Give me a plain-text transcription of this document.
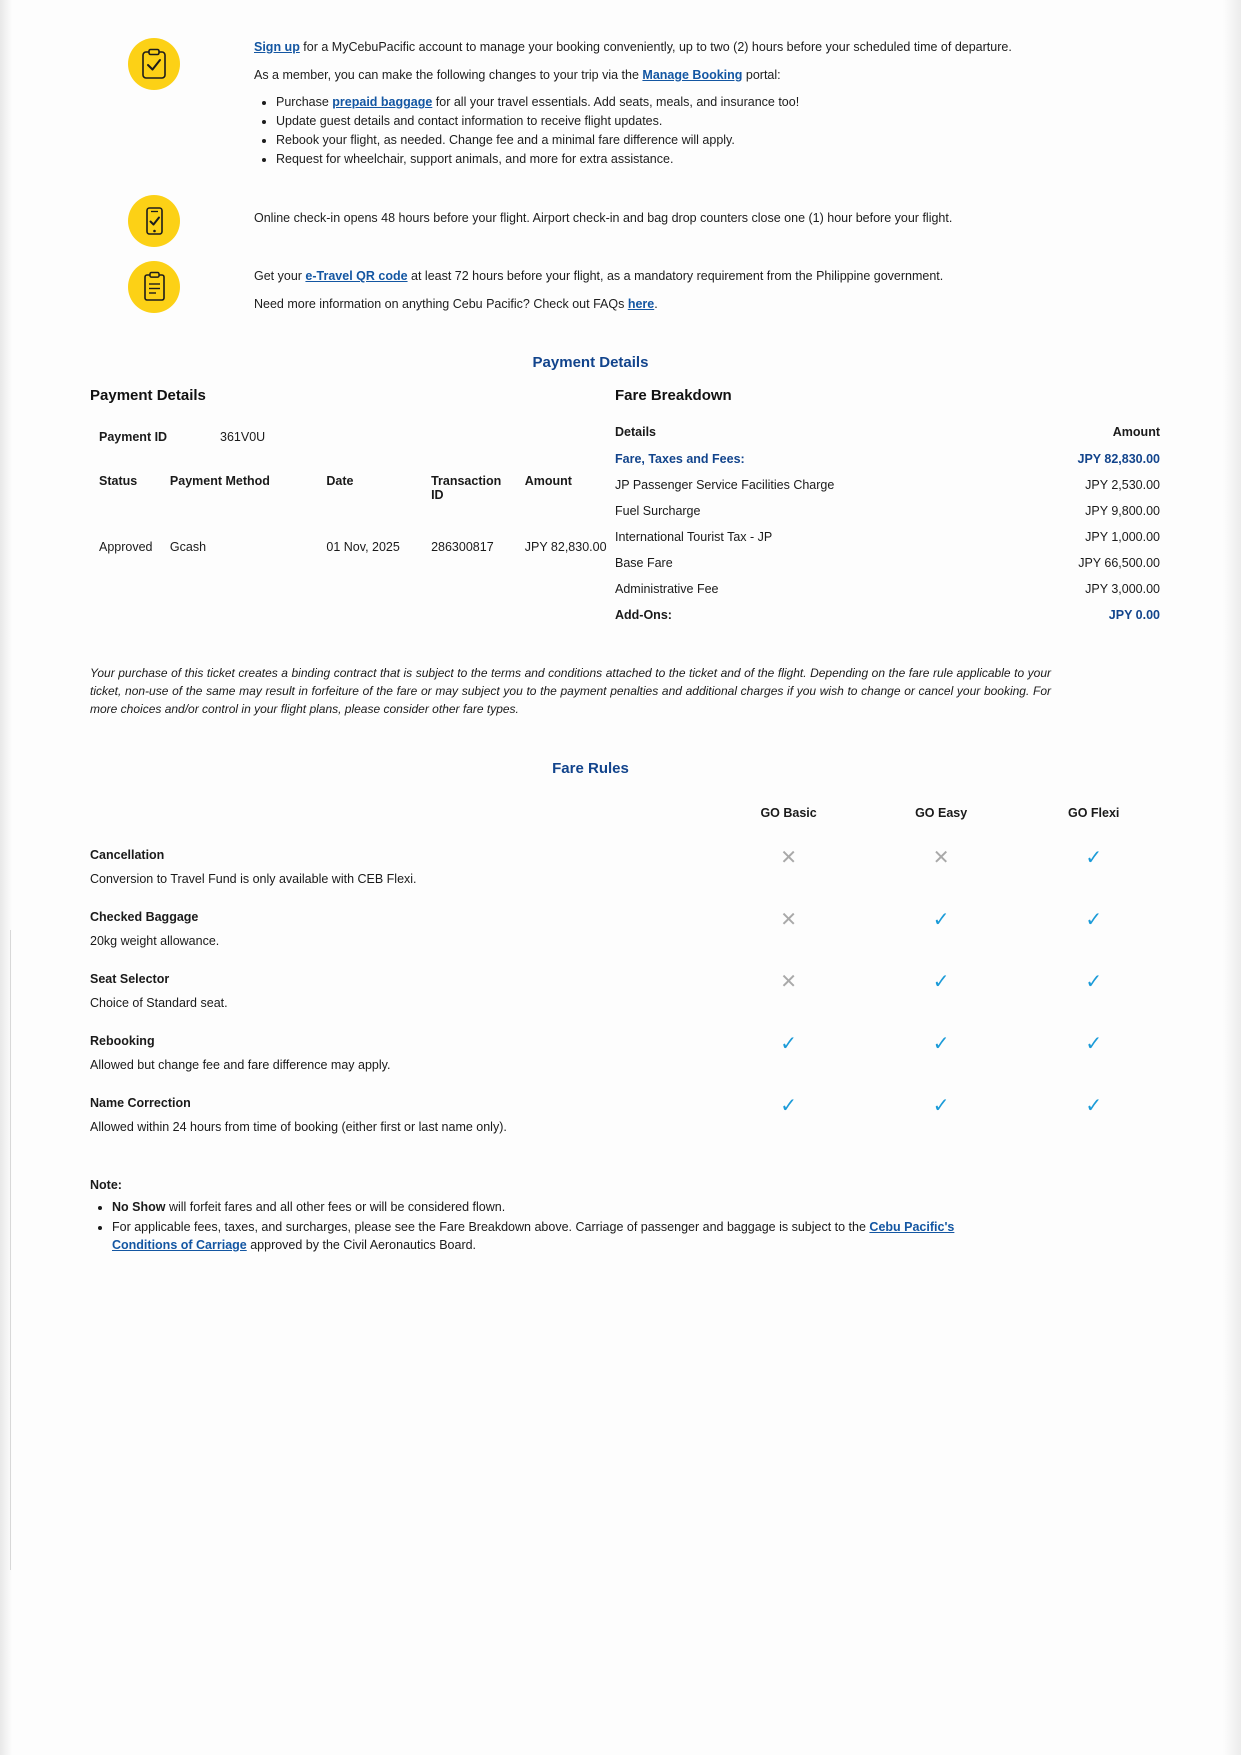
Sign up for a MyCebuPacific account to manage your booking conveniently, up to two (2) hours before your scheduled time of departure.

As a member, you can make the following changes to your trip via the Manage Booking portal:

• Purchase prepaid baggage for all your travel essentials. Add seats, meals, and insurance too!
• Update guest details and contact information to receive flight updates.
• Rebook your flight, as needed. Change fee and a minimal fare difference will apply.
• Request for wheelchair, support animals, and more for extra assistance.
Online check-in opens 48 hours before your flight. Airport check-in and bag drop counters close one (1) hour before your flight.

Get your e-Travel QR code at least 72 hours before your flight, as a mandatory requirement from the Philippine government.

Need more information on anything Cebu Pacific? Check out FAQs here.

Payment Details
Payment Details
Payment ID	361V0U
Status	Payment Method	Date	Transaction ID	Amount
Approved	Gcash	01 Nov, 2025	286300817	JPY 82,830.00
Fare Breakdown
Details	Amount
Fare, Taxes and Fees:	JPY 82,830.00
JP Passenger Service Facilities Charge	JPY 2,530.00
Fuel Surcharge	JPY 9,800.00
International Tourist Tax - JP	JPY 1,000.00
Base Fare	JPY 66,500.00
Administrative Fee	JPY 3,000.00
Add-Ons:	JPY 0.00
Your purchase of this ticket creates a binding contract that is subject to the terms and conditions attached to the ticket and of the flight. Depending on the fare rule applicable to your ticket, non-use of the same may result in forfeiture of the fare or may subject you to the payment penalties and additional charges if you wish to change or cancel your booking. For more choices and/or control in your flight plans, please consider other fare types.
Fare Rules
	GO Basic	GO Easy	GO Flexi

Cancellation
Conversion to Travel Fund is only available with CEB Flexi.	✕	✕	✓

Checked Baggage
20kg weight allowance.	✕	✓	✓

Seat Selector
Choice of Standard seat.	✕	✓	✓

Rebooking
Allowed but change fee and fare difference may apply.	✓	✓	✓

Name Correction
Allowed within 24 hours from time of booking (either first or last name only).	✓	✓	✓
Note:
• No Show will forfeit fares and all other fees or will be considered flown.
• For applicable fees, taxes, and surcharges, please see the Fare Breakdown above. Carriage of passenger and baggage is subject to the Cebu Pacific's Conditions of Carriage approved by the Civil Aeronautics Board.
